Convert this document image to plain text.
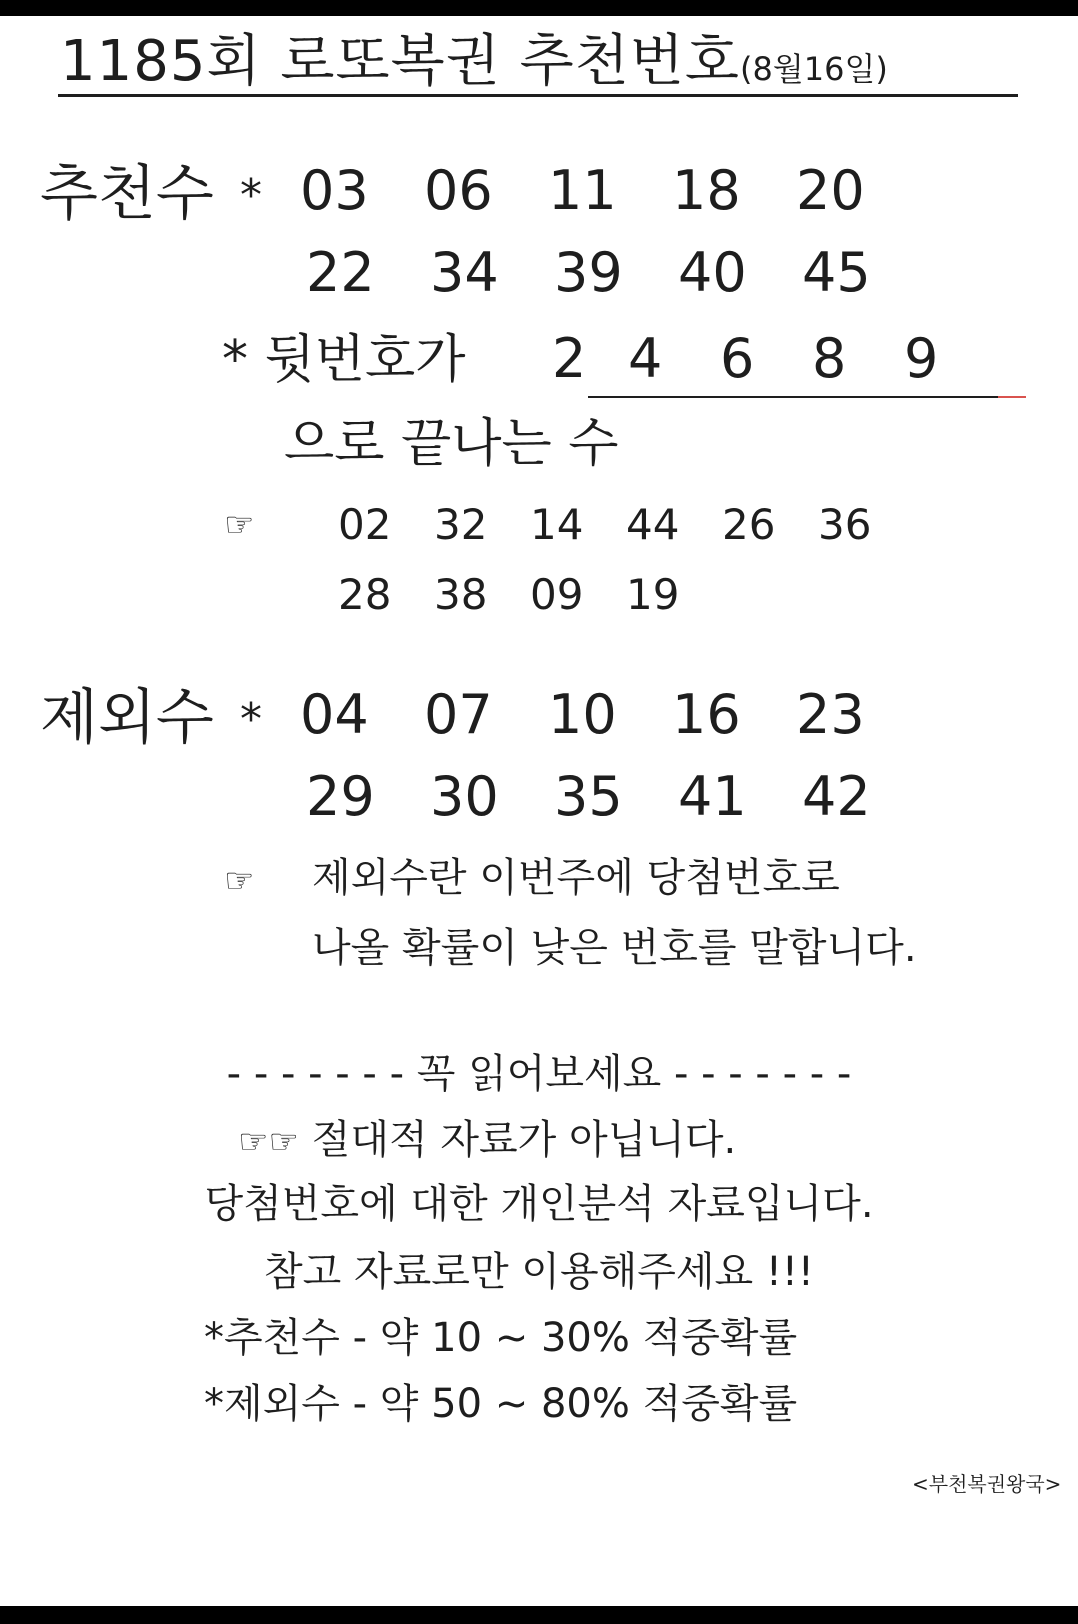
1185회 로또복권 추천번호(8월16일)
추천수 * 03	06	11	18	20
22	34	39	40	45
* 뒷번호가 2 4 6 8 9
으로 끝나는 수
☞ 02 32 14 44 26 36
28 38 09 19
제외수 * 04	07	10	16	23
29	30	35	41	42
☞ 제외수란 이번주에 당첨번호로
나올 확률이 낮은 번호를 말합니다.
- - - - - - - 꼭 읽어보세요 - - - - - - -
☞☞ 절대적 자료가 아닙니다.
당첨번호에 대한 개인분석 자료입니다.
참고 자료로만 이용해주세요 !!!
*추천수 - 약 10 ~ 30% 적중확률
*제외수 - 약 50 ~ 80% 적중확률
<부천복권왕국>
